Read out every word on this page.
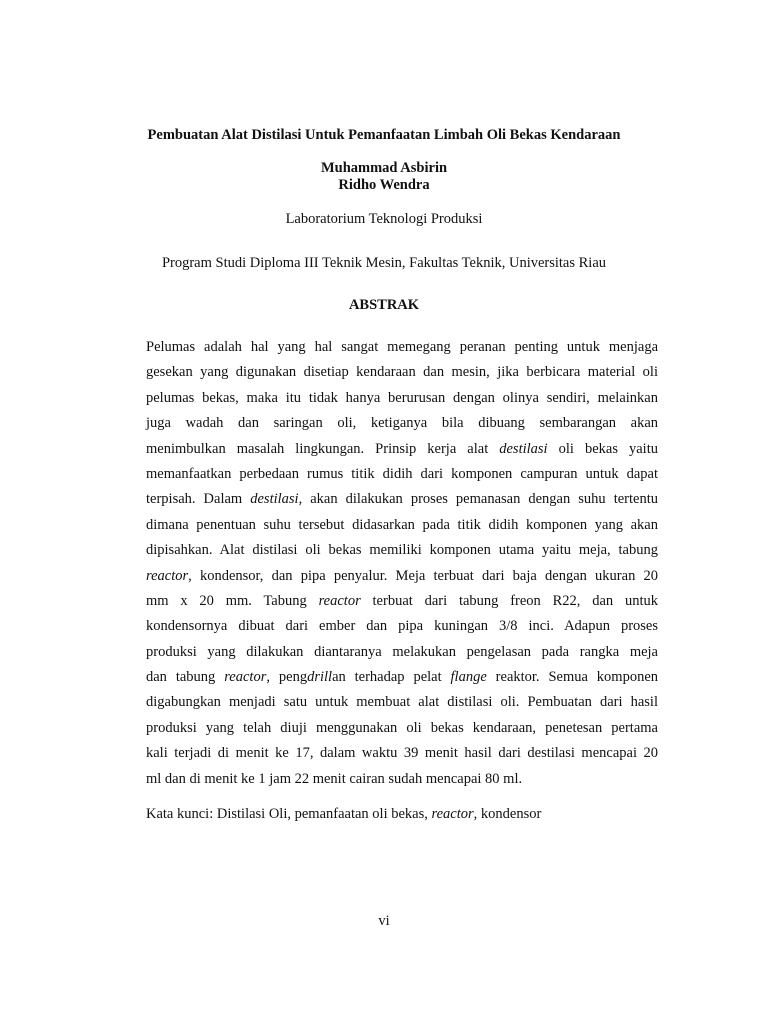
Pembuatan Alat Distilasi Untuk Pemanfaatan Limbah Oli Bekas Kendaraan
Muhammad Asbirin
Ridho Wendra
Laboratorium Teknologi Produksi
Program Studi Diploma III Teknik Mesin, Fakultas Teknik, Universitas Riau
ABSTRAK
Pelumas adalah hal yang hal sangat memegang peranan penting untuk menjaga
gesekan yang digunakan disetiap kendaraan dan mesin, jika berbicara material oli
pelumas bekas, maka itu tidak hanya berurusan dengan olinya sendiri, melainkan
juga wadah dan saringan oli, ketiganya bila dibuang sembarangan akan
menimbulkan masalah lingkungan. Prinsip kerja alat destilasi oli bekas yaitu
memanfaatkan perbedaan rumus titik didih dari komponen campuran untuk dapat
terpisah. Dalam destilasi, akan dilakukan proses pemanasan dengan suhu tertentu
dimana penentuan suhu tersebut didasarkan pada titik didih komponen yang akan
dipisahkan. Alat distilasi oli bekas memiliki komponen utama yaitu meja, tabung
reactor, kondensor, dan pipa penyalur. Meja terbuat dari baja dengan ukuran 20
mm x 20 mm. Tabung reactor terbuat dari tabung freon R22, dan untuk
kondensornya dibuat dari ember dan pipa kuningan 3/8 inci. Adapun proses
produksi yang dilakukan diantaranya melakukan pengelasan pada rangka meja
dan tabung reactor, pengdrillan terhadap pelat flange reaktor. Semua komponen
digabungkan menjadi satu untuk membuat alat distilasi oli. Pembuatan dari hasil
produksi yang telah diuji menggunakan oli bekas kendaraan, penetesan pertama
kali terjadi di menit ke 17, dalam waktu 39 menit hasil dari destilasi mencapai 20
ml dan di menit ke 1 jam 22 menit cairan sudah mencapai 80 ml.
Kata kunci: Distilasi Oli, pemanfaatan oli bekas, reactor, kondensor
vi
